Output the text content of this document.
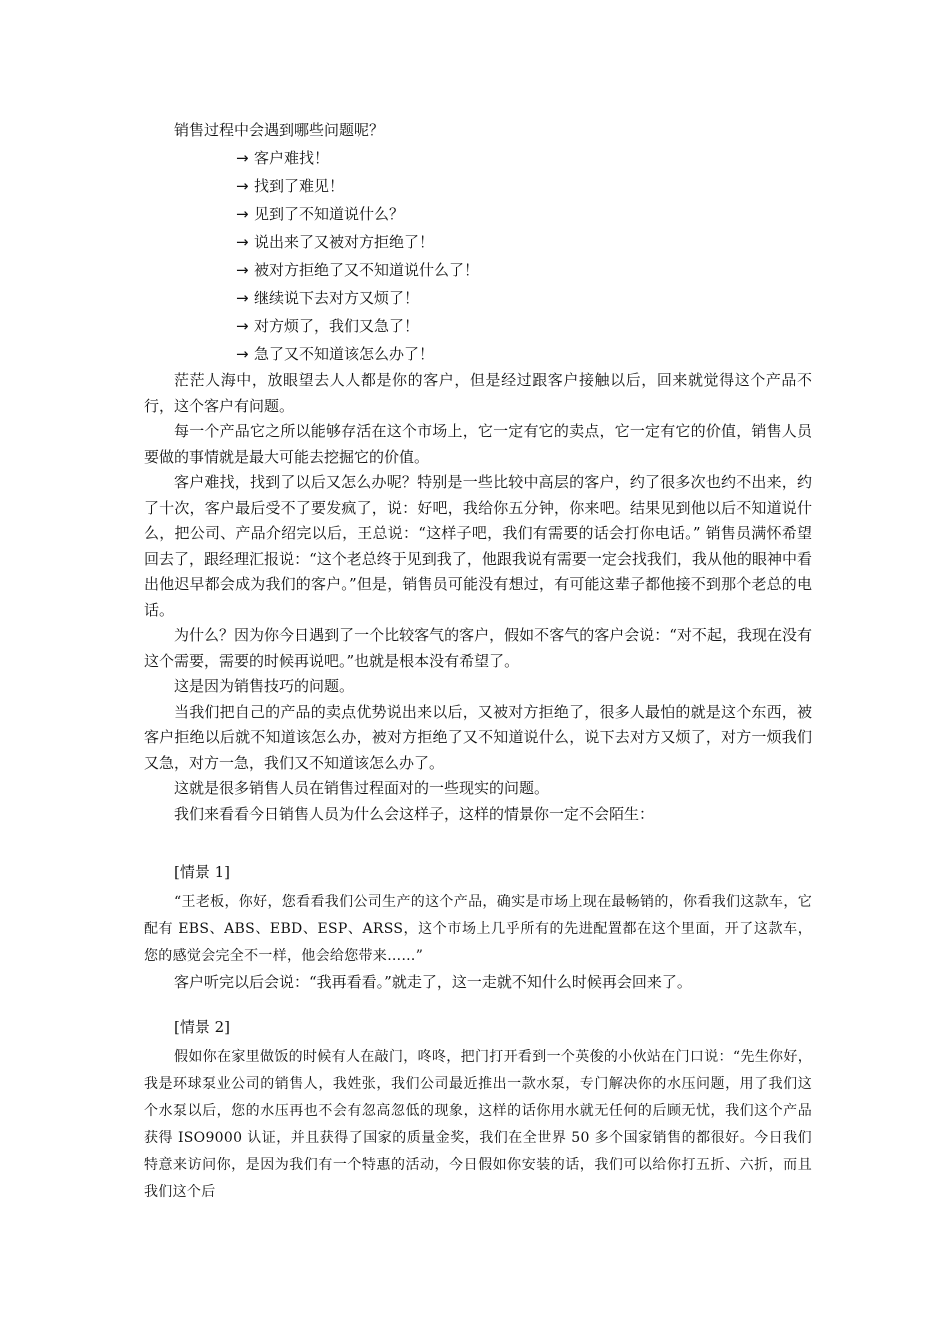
销售过程中会遇到哪些问题呢？

→ 客户难找！
→ 找到了难见！
→ 见到了不知道说什么？
→ 说出来了又被对方拒绝了！
→ 被对方拒绝了又不知道说什么了！
→ 继续说下去对方又烦了！
→ 对方烦了，我们又急了！
→ 急了又不知道该怎么办了！

茫茫人海中，放眼望去人人都是你的客户，但是经过跟客户接触以后，回来就觉得这个产品不行，这个客户有问题。

每一个产品它之所以能够存活在这个市场上，它一定有它的卖点，它一定有它的价值，销售人员要做的事情就是最大可能去挖掘它的价值。

客户难找，找到了以后又怎么办呢？特别是一些比较中高层的客户，约了很多次也约不出来，约了十次，客户最后受不了要发疯了，说：好吧，我给你五分钟，你来吧。结果见到他以后不知道说什么，把公司、产品介绍完以后，王总说：“这样子吧，我们有需要的话会打你电话。” 销售员满怀希望回去了，跟经理汇报说：“这个老总终于见到我了，他跟我说有需要一定会找我们，我从他的眼神中看出他迟早都会成为我们的客户。”但是，销售员可能没有想过，有可能这辈子都他接不到那个老总的电话。

为什么？因为你今日遇到了一个比较客气的客户，假如不客气的客户会说：“对不起，我现在没有这个需要，需要的时候再说吧。”也就是根本没有希望了。

这是因为销售技巧的问题。

当我们把自己的产品的卖点优势说出来以后，又被对方拒绝了，很多人最怕的就是这个东西，被客户拒绝以后就不知道该怎么办，被对方拒绝了又不知道说什么，说下去对方又烦了，对方一烦我们又急，对方一急，我们又不知道该怎么办了。

这就是很多销售人员在销售过程面对的一些现实的问题。

我们来看看今日销售人员为什么会这样子，这样的情景你一定不会陌生：

[情景 1]

“王老板，你好，您看看我们公司生产的这个产品，确实是市场上现在最畅销的，你看我们这款车，它配有 EBS、ABS、EBD、ESP、ARSS，这个市场上几乎所有的先进配置都在这个里面，开了这款车，您的感觉会完全不一样，他会给您带来……”

客户听完以后会说：“我再看看。”就走了，这一走就不知什么时候再会回来了。

[情景 2]

假如你在家里做饭的时候有人在敲门，咚咚，把门打开看到一个英俊的小伙站在门口说：“先生你好，我是环球泵业公司的销售人，我姓张，我们公司最近推出一款水泵，专门解决你的水压问题，用了我们这个水泵以后，您的水压再也不会有忽高忽低的现象，这样的话你用水就无任何的后顾无忧，我们这个产品获得 ISO9000 认证，并且获得了国家的质量金奖，我们在全世界 50 多个国家销售的都很好。今日我们特意来访问你，是因为我们有一个特惠的活动，今日假如你安装的话，我们可以给你打五折、六折，而且我们这个后
